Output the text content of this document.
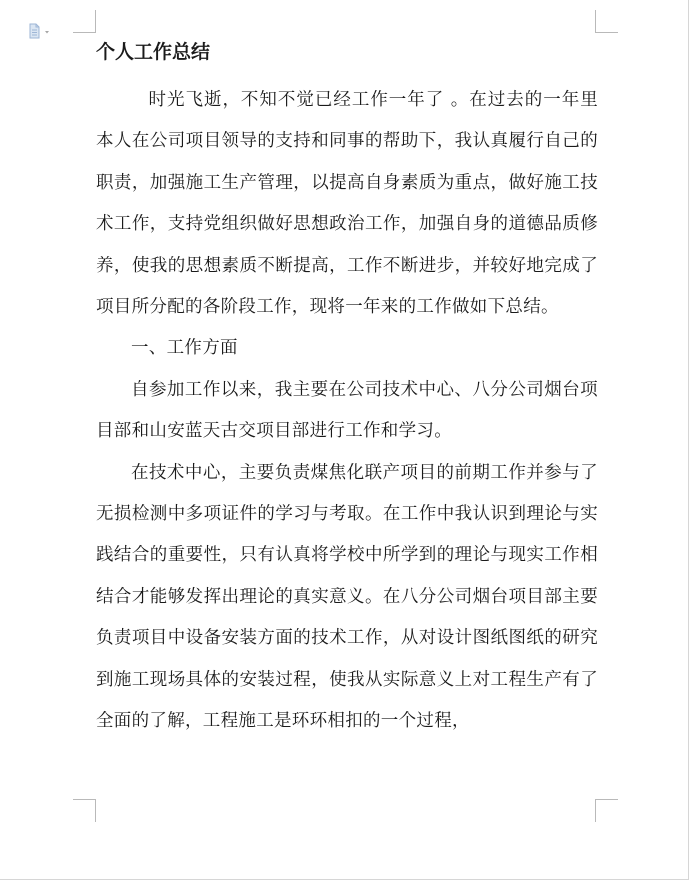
个人工作总结

时光飞逝，不知不觉已经工作一年了 。在过去的一年里本人在公司项目领导的支持和同事的帮助下，我认真履行自己的职责，加强施工生产管理，以提高自身素质为重点，做好施工技术工作，支持党组织做好思想政治工作，加强自身的道德品质修养，使我的思想素质不断提高，工作不断进步，并较好地完成了项目所分配的各阶段工作，现将一年来的工作做如下总结。

一、工作方面

自参加工作以来，我主要在公司技术中心、八分公司烟台项目部和山安蓝天古交项目部进行工作和学习。

在技术中心，主要负责煤焦化联产项目的前期工作并参与了无损检测中多项证件的学习与考取。在工作中我认识到理论与实践结合的重要性，只有认真将学校中所学到的理论与现实工作相结合才能够发挥出理论的真实意义。在八分公司烟台项目部主要负责项目中设备安装方面的技术工作，从对设计图纸图纸的研究到施工现场具体的安装过程，使我从实际意义上对工程生产有了全面的了解，工程施工是环环相扣的一个过程，
